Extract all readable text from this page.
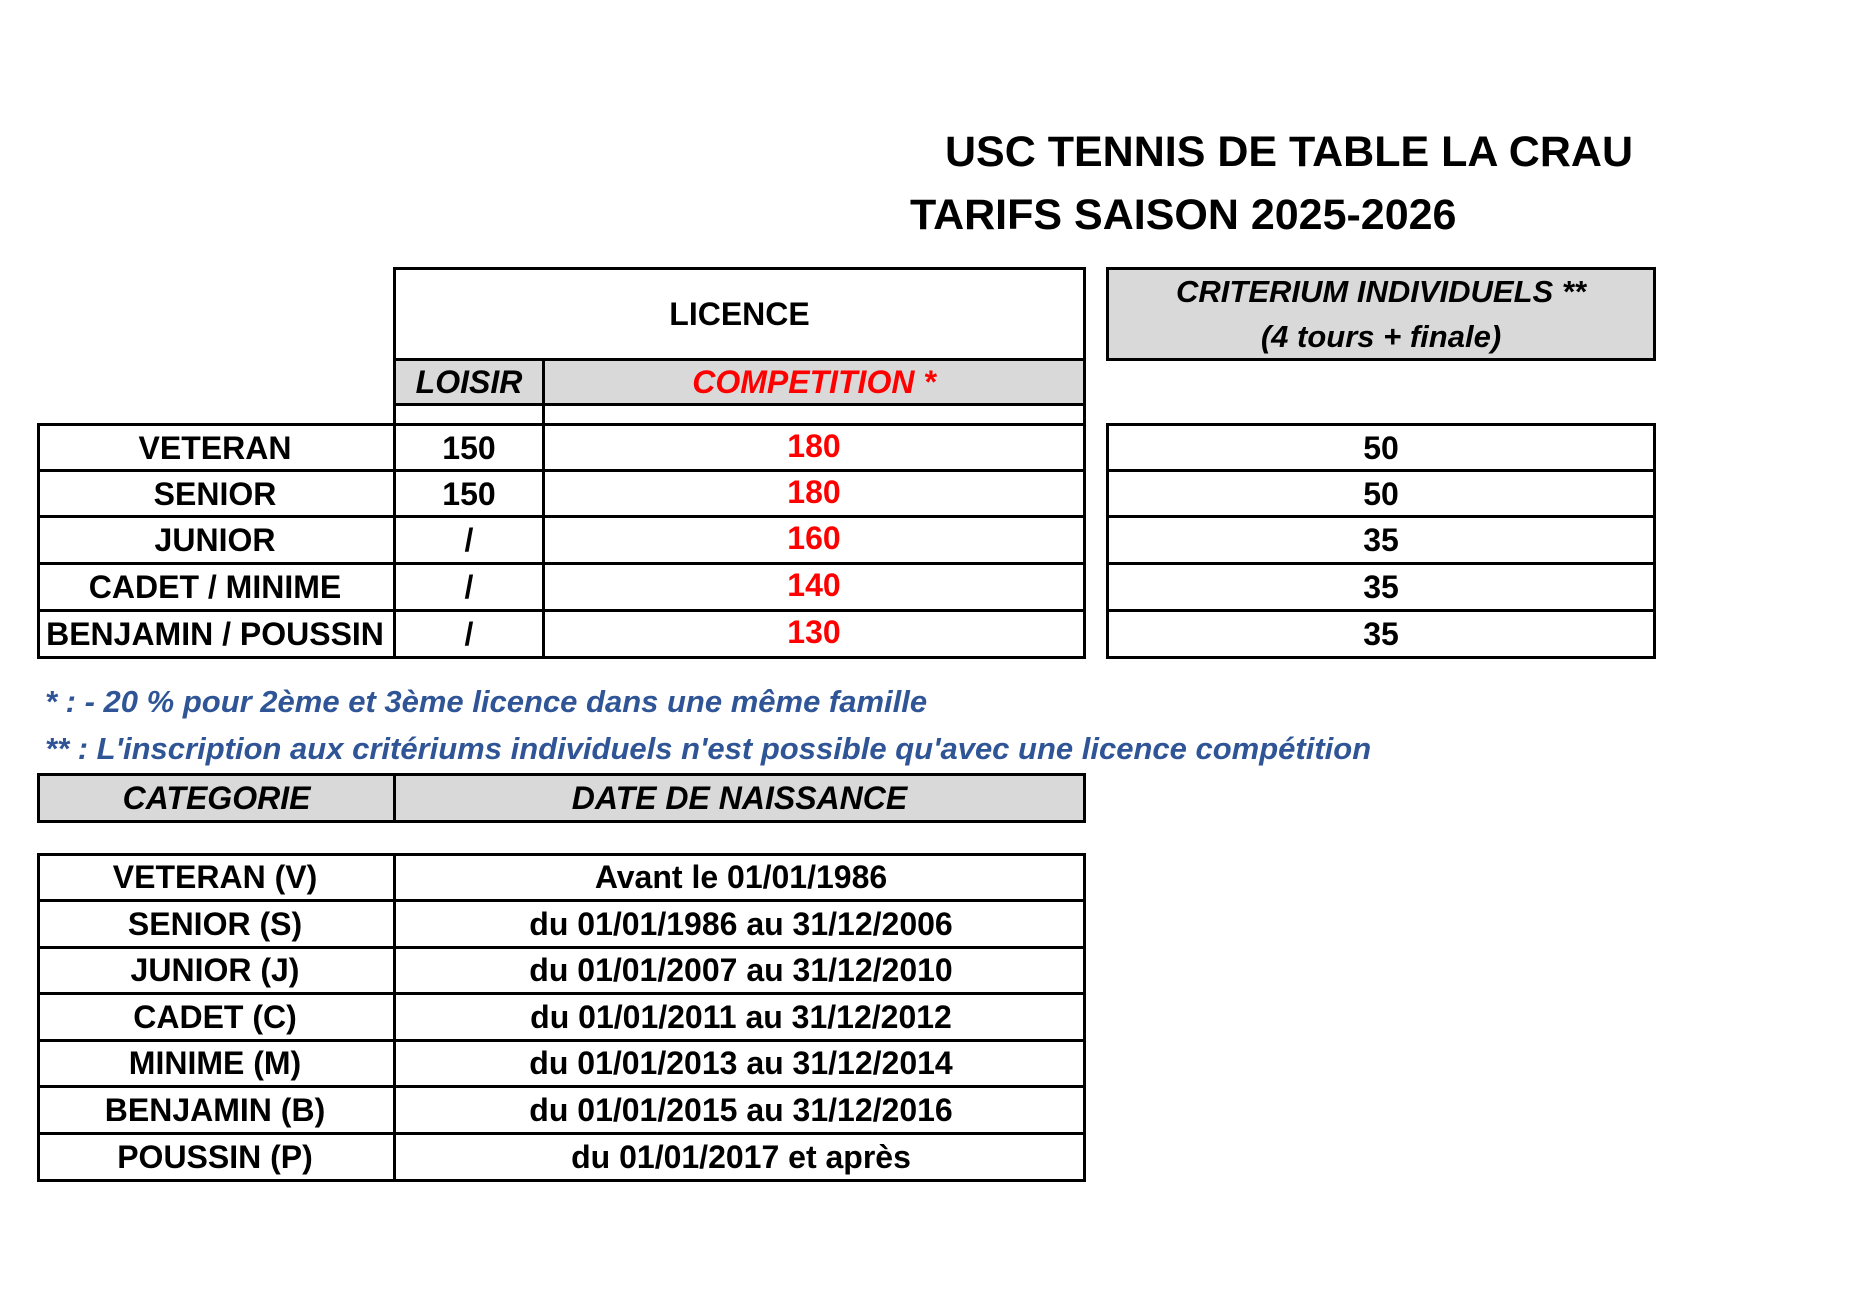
USC TENNIS DE TABLE LA CRAU
TARIFS SAISON 2025-2026
LICENCE
LOISIR	COMPETITION *
CRITERIUM INDIVIDUELS **
(4 tours + finale)
VETERAN	150	180	50
SENIOR	150	180	50
JUNIOR	/	160	35
CADET / MINIME	/	140	35
BENJAMIN / POUSSIN	/	130	35
* : - 20 % pour 2ème et 3ème licence dans une même famille
** : L'inscription aux critériums individuels n'est possible qu'avec une licence compétition
CATEGORIE	DATE DE NAISSANCE
VETERAN (V)	Avant le 01/01/1986
SENIOR (S)	du 01/01/1986 au 31/12/2006
JUNIOR (J)	du 01/01/2007 au 31/12/2010
CADET (C)	du 01/01/2011 au 31/12/2012
MINIME (M)	du 01/01/2013 au 31/12/2014
BENJAMIN (B)	du 01/01/2015 au 31/12/2016
POUSSIN (P)	du 01/01/2017 et après
